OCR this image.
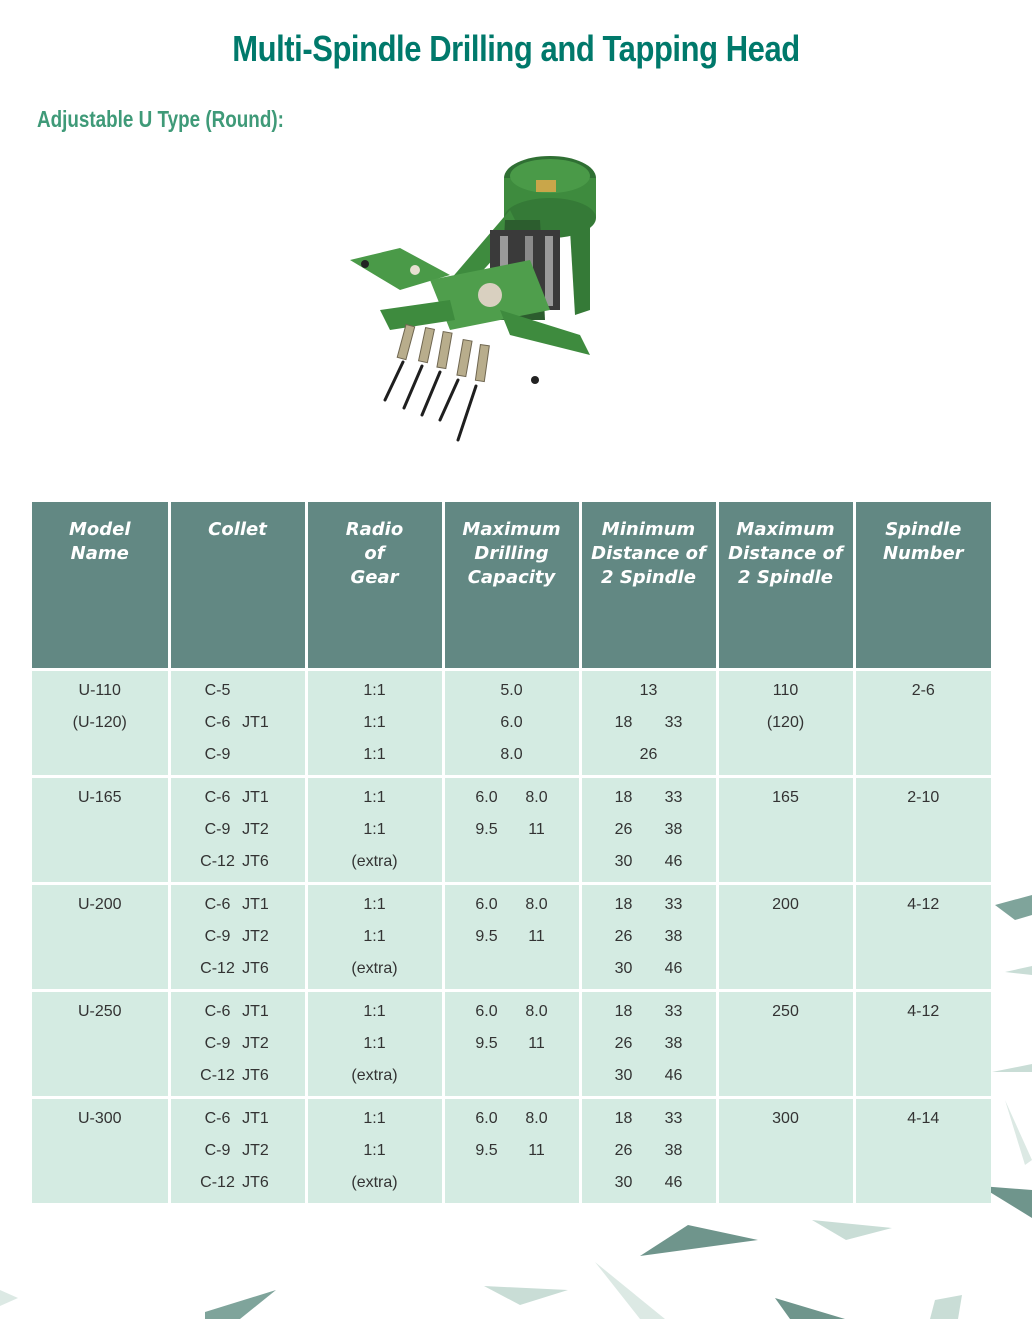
Multi-Spindle Drilling and Tapping Head
Adjustable U Type (Round):
Model
Name	Collet	Radio
of
Gear	Maximum
Drilling
Capacity	Minimum
Distance of
2 Spindle	Maximum
Distance of
2 Spindle	Spindle
Number

U-110
(U-120)	C-5
C-6 JT1
C-9	1:1
1:1
1:1	5.0
6.0
8.0	13
18 33
26	110
(120)	2-6

U-165	C-6 JT1
C-9 JT2
C-12 JT6	1:1
1:1
(extra)	6.0 8.0
9.5 11	18 33
26 38
30 46	165	2-10

U-200	C-6 JT1
C-9 JT2
C-12 JT6	1:1
1:1
(extra)	6.0 8.0
9.5 11	18 33
26 38
30 46	200	4-12

U-250	C-6 JT1
C-9 JT2
C-12 JT6	1:1
1:1
(extra)	6.0 8.0
9.5 11	18 33
26 38
30 46	250	4-12

U-300	C-6 JT1
C-9 JT2
C-12 JT6	1:1
1:1
(extra)	6.0 8.0
9.5 11	18 33
26 38
30 46	300	4-14
